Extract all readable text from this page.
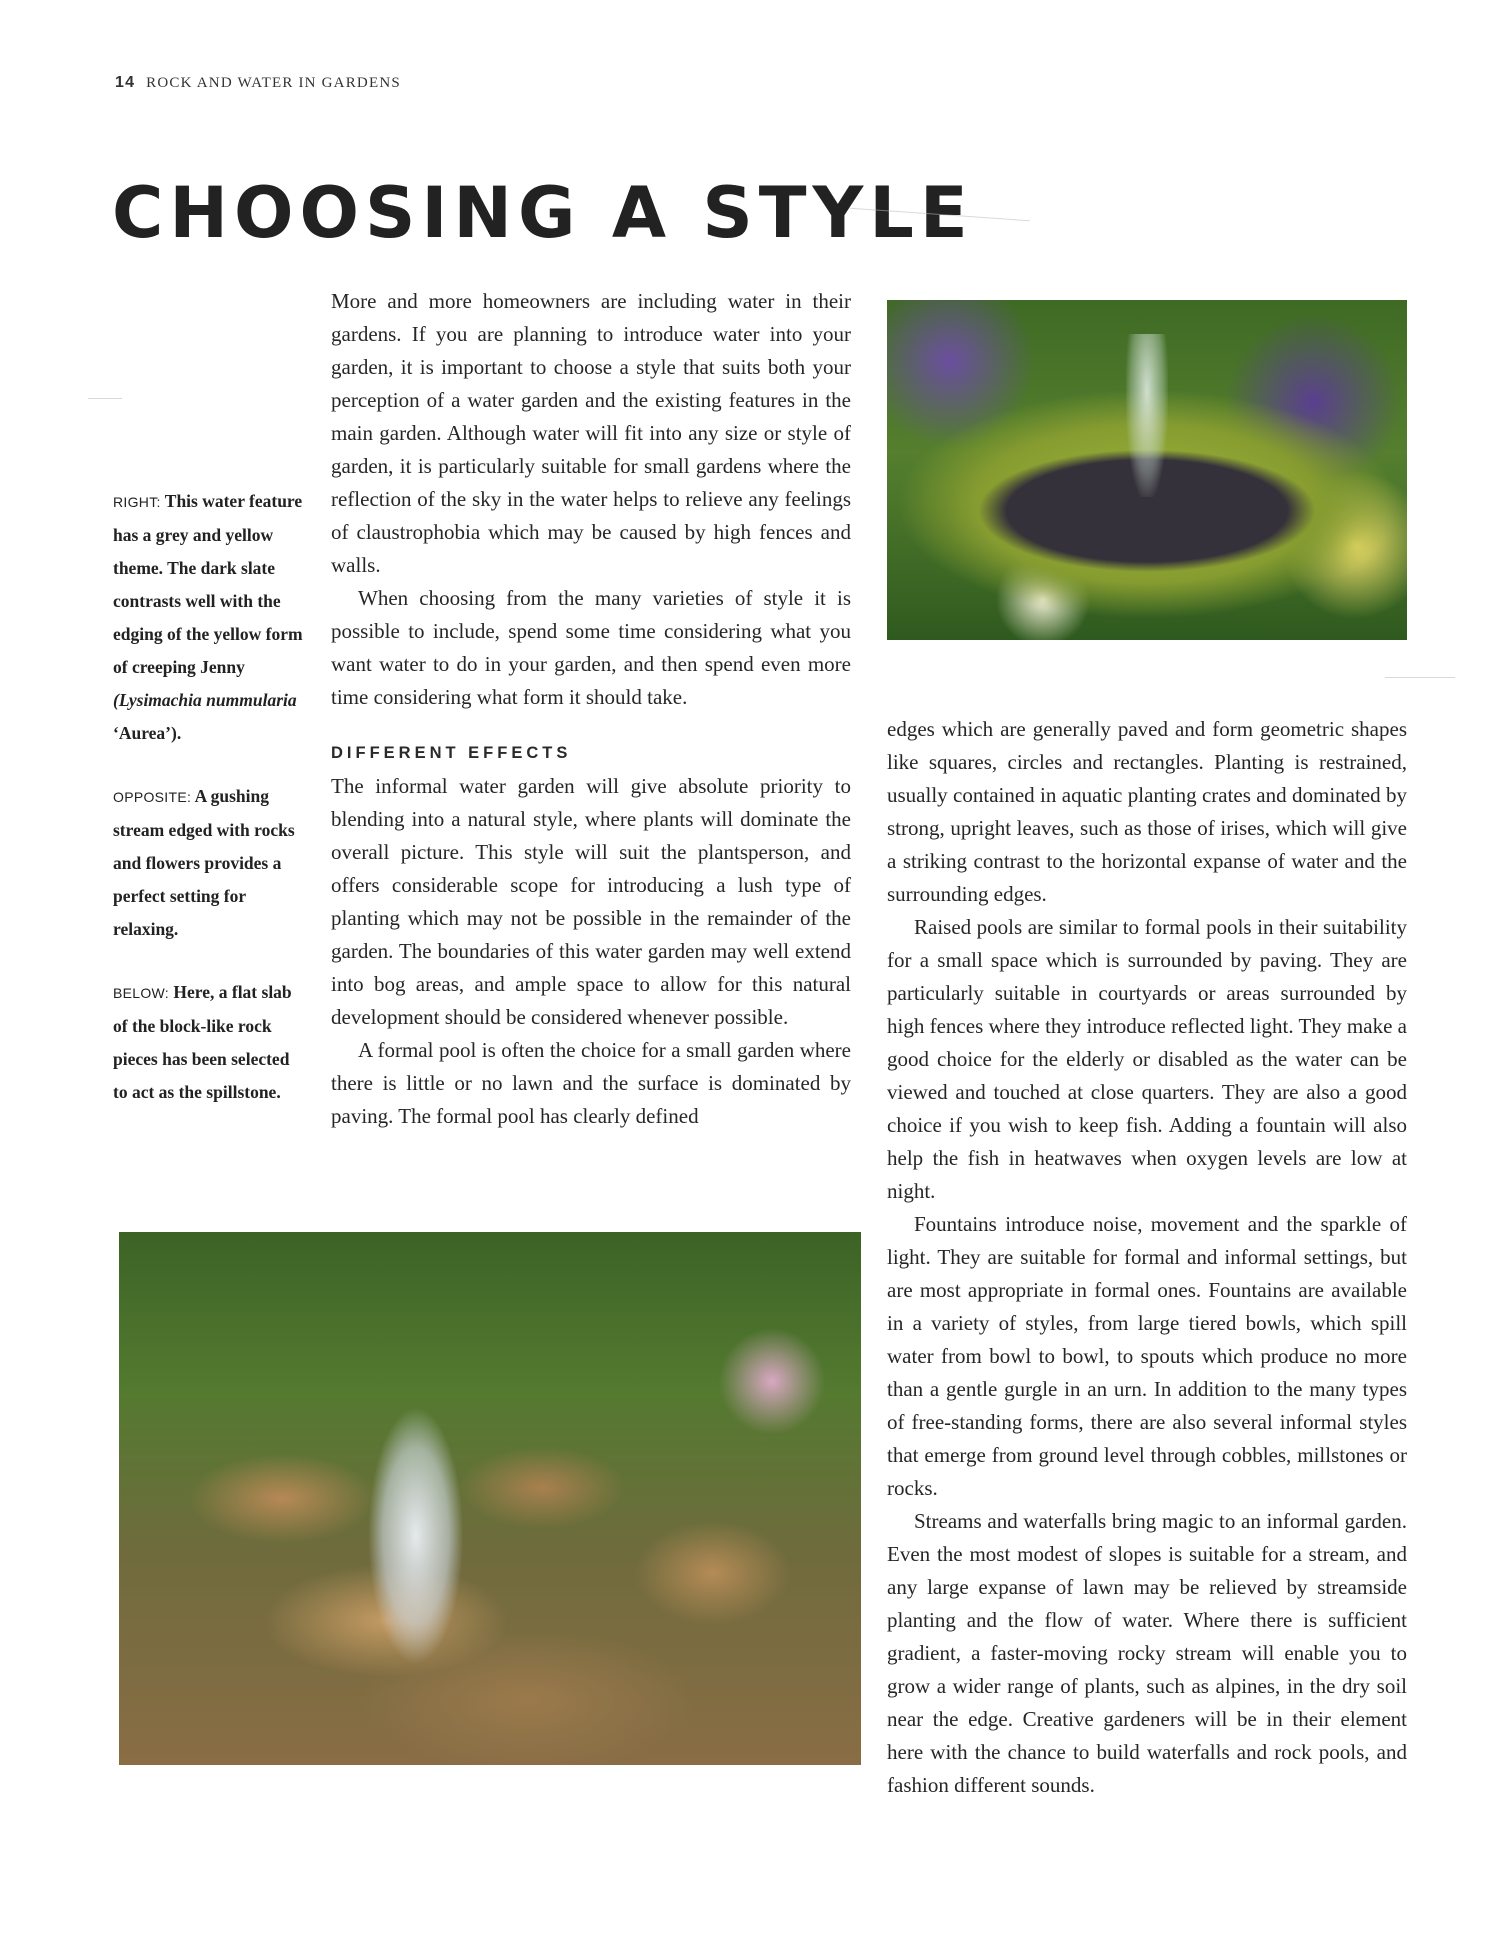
14 ROCK AND WATER IN GARDENS
CHOOSING A STYLE

RIGHT: This water feature has a grey and yellow theme. The dark slate contrasts well with the edging of the yellow form of creeping Jenny (Lysimachia nummularia ‘Aurea’).

OPPOSITE: A gushing stream edged with rocks and flowers provides a perfect setting for relaxing.

BELOW: Here, a flat slab of the block-like rock pieces has been selected to act as the spillstone.

More and more homeowners are including water in their gardens. If you are planning to introduce water into your garden, it is important to choose a style that suits both your perception of a water garden and the existing features in the main garden. Although water will fit into any size or style of garden, it is particularly suitable for small gardens where the reflection of the sky in the water helps to relieve any feelings of claustrophobia which may be caused by high fences and walls.

When choosing from the many varieties of style it is possible to include, spend some time considering what you want water to do in your garden, and then spend even more time considering what form it should take.

DIFFERENT EFFECTS

The informal water garden will give absolute priority to blending into a natural style, where plants will dominate the overall picture. This style will suit the plantsperson, and offers considerable scope for introducing a lush type of planting which may not be possible in the remainder of the garden. The boundaries of this water garden may well extend into bog areas, and ample space to allow for this natural development should be considered whenever possible.

A formal pool is often the choice for a small garden where there is little or no lawn and the surface is dominated by paving. The formal pool has clearly defined

edges which are generally paved and form geometric shapes like squares, circles and rectangles. Planting is restrained, usually contained in aquatic planting crates and dominated by strong, upright leaves, such as those of irises, which will give a striking contrast to the horizontal expanse of water and the surrounding edges.

Raised pools are similar to formal pools in their suitability for a small space which is surrounded by paving. They are particularly suitable in courtyards or areas surrounded by high fences where they introduce reflected light. They make a good choice for the elderly or disabled as the water can be viewed and touched at close quarters. They are also a good choice if you wish to keep fish. Adding a fountain will also help the fish in heatwaves when oxygen levels are low at night.

Fountains introduce noise, movement and the sparkle of light. They are suitable for formal and informal settings, but are most appropriate in formal ones. Fountains are available in a variety of styles, from large tiered bowls, which spill water from bowl to bowl, to spouts which produce no more than a gentle gurgle in an urn. In addition to the many types of free-standing forms, there are also several informal styles that emerge from ground level through cobbles, millstones or rocks.

Streams and waterfalls bring magic to an informal garden. Even the most modest of slopes is suitable for a stream, and any large expanse of lawn may be relieved by streamside planting and the flow of water. Where there is sufficient gradient, a faster-moving rocky stream will enable you to grow a wider range of plants, such as alpines, in the dry soil near the edge. Creative gardeners will be in their element here with the chance to build waterfalls and rock pools, and fashion different sounds.
